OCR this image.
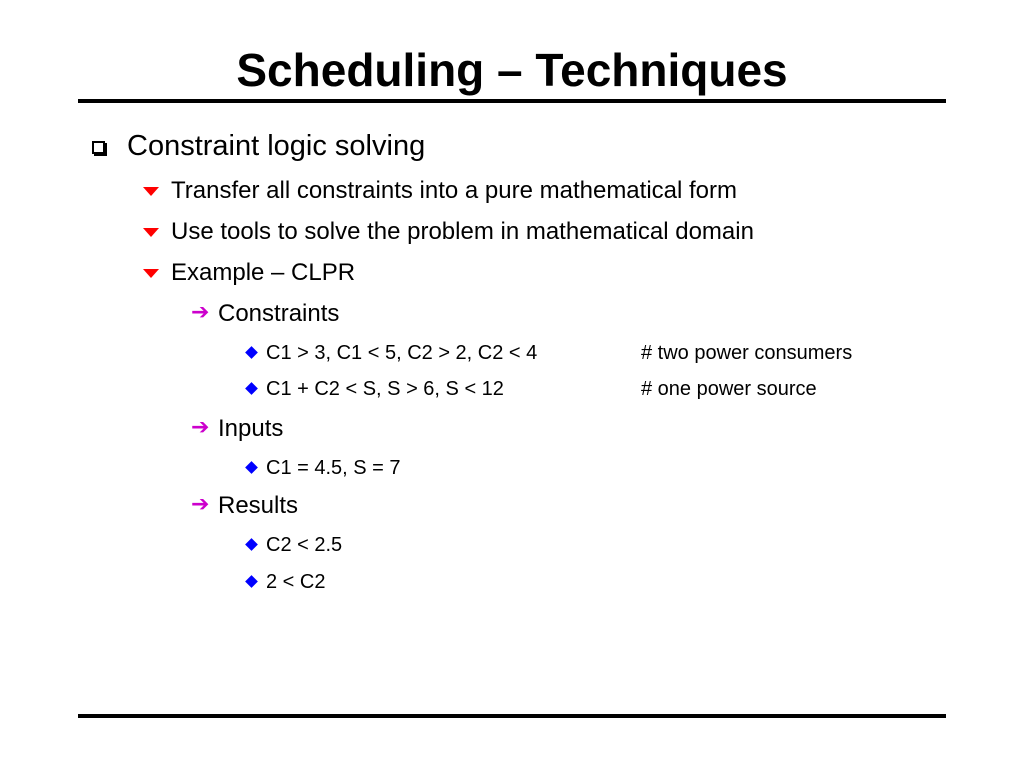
Scheduling – Techniques
Constraint logic solving
Transfer all constraints into a pure mathematical form
Use tools to solve the problem in mathematical domain
Example – CLPR
➔ Constraints
C1 > 3, C1 < 5, C2 > 2, C2 < 4	# two power consumers
C1 + C2 < S, S > 6, S < 12	# one power source
➔ Inputs
C1 = 4.5, S = 7
➔ Results
C2 < 2.5
2 < C2
